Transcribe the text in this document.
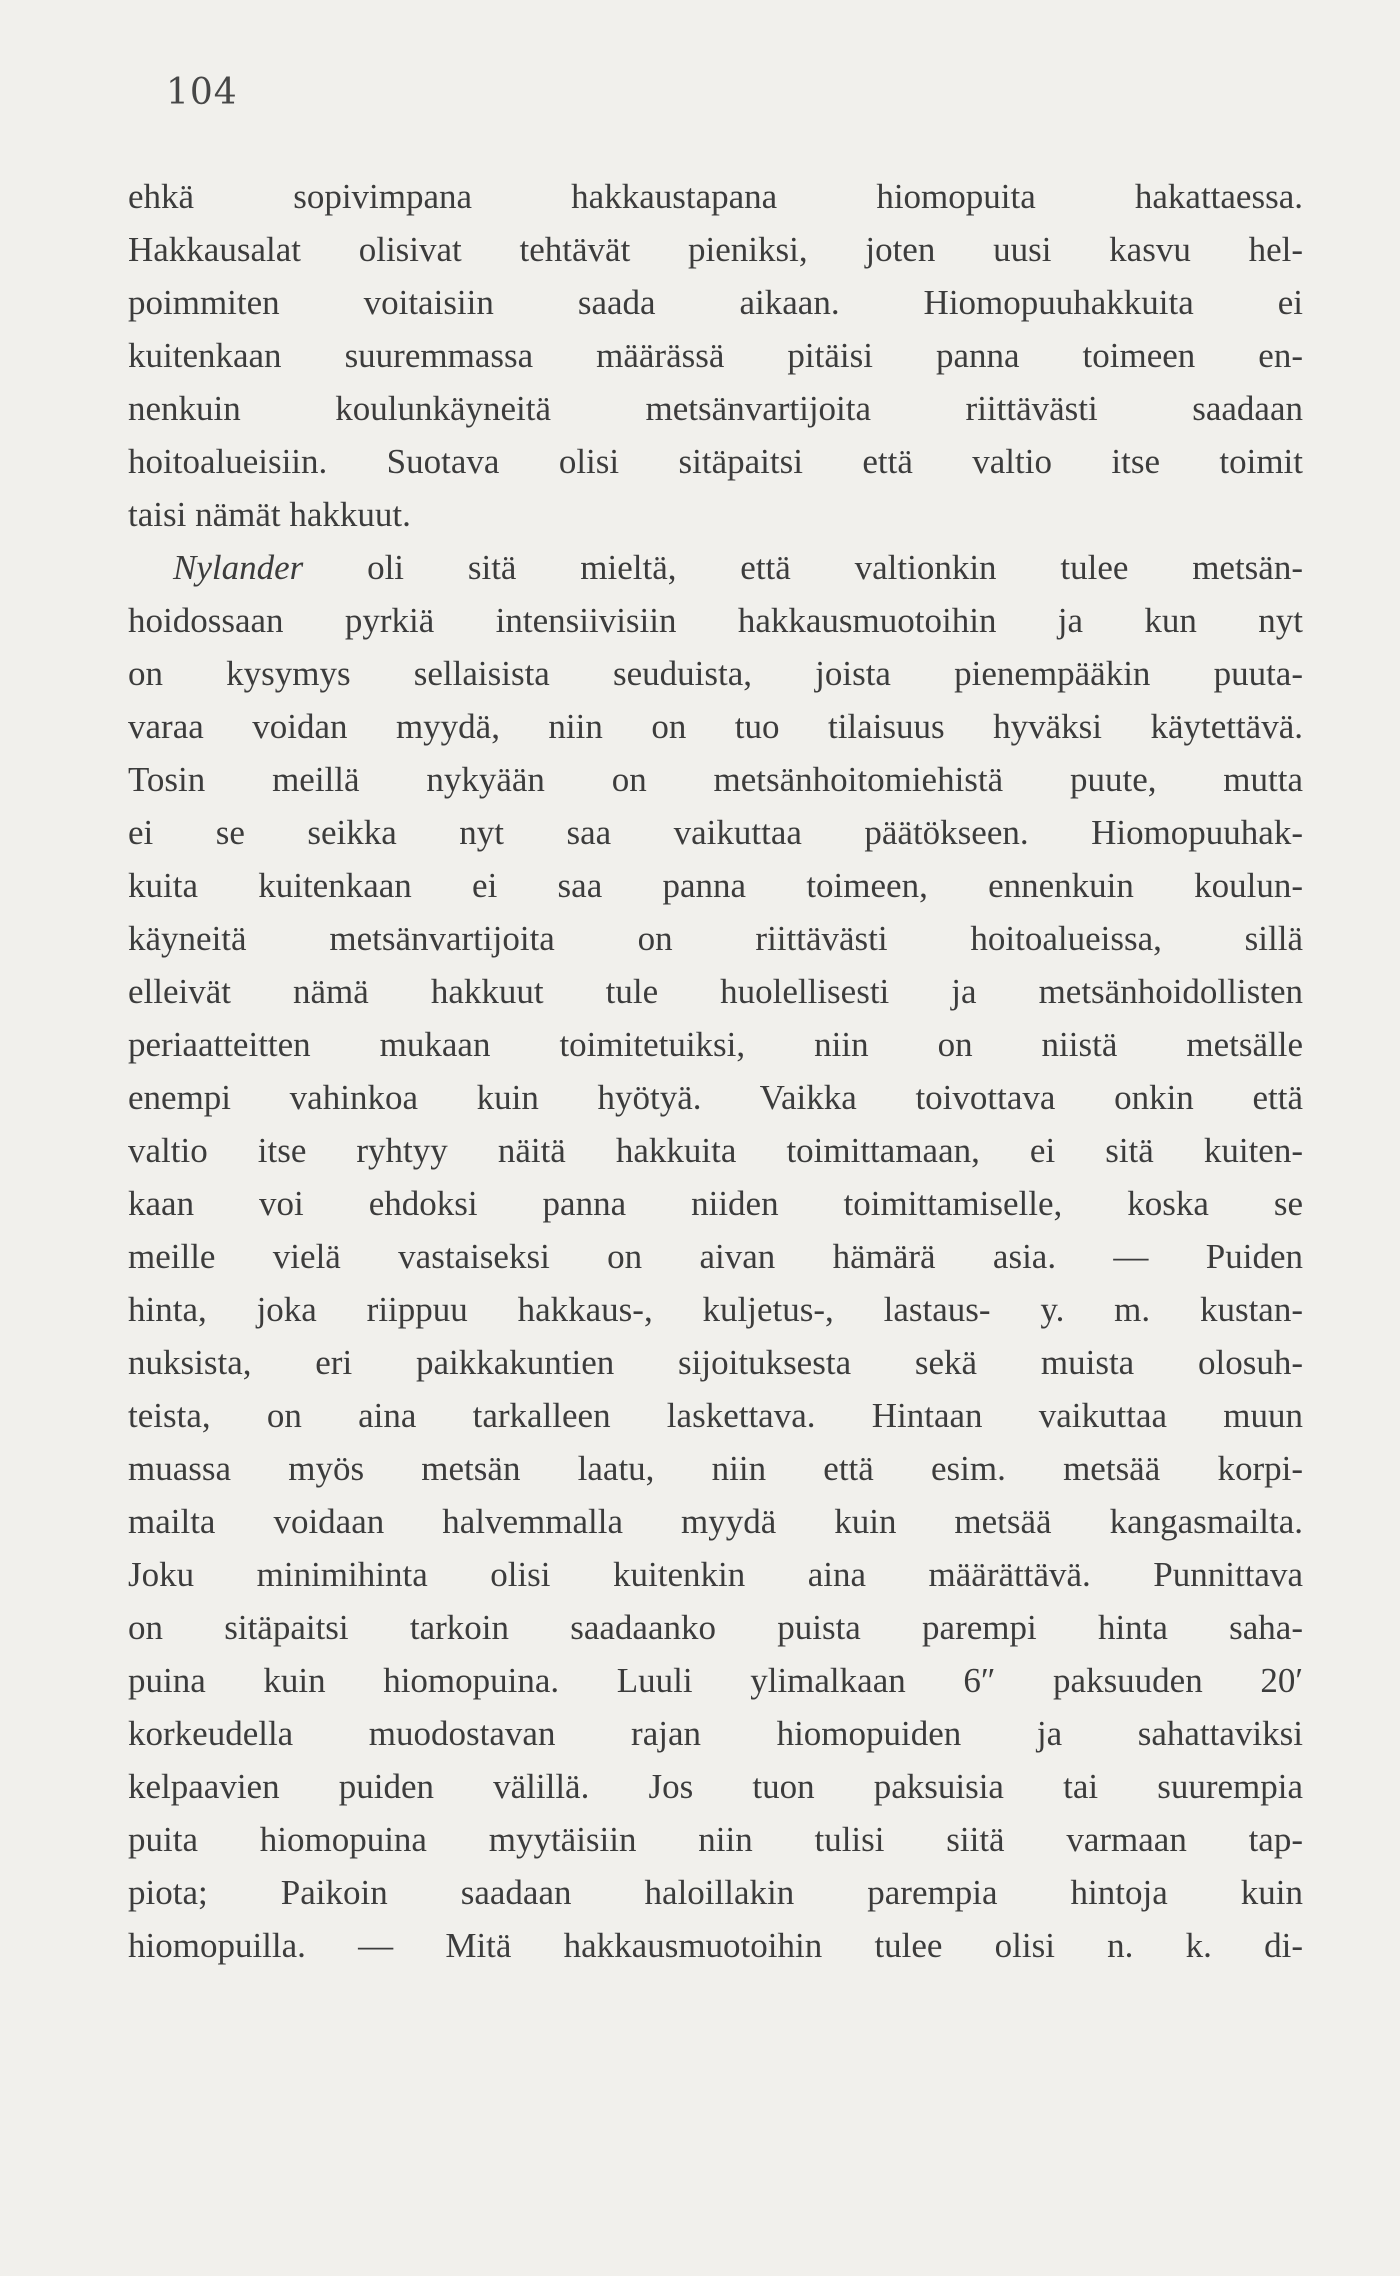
104
ehkä sopivimpana hakkaustapana hiomopuita hakattaessa.
Hakkausalat olisivat tehtävät pieniksi, joten uusi kasvu hel-
poimmiten voitaisiin saada aikaan. Hiomopuuhakkuita ei
kuitenkaan suuremmassa määrässä pitäisi panna toimeen en-
nenkuin koulunkäyneitä metsänvartijoita riittävästi saadaan
hoitoalueisiin. Suotava olisi sitäpaitsi että valtio itse toimit
taisi nämät hakkuut.
Nylander oli sitä mieltä, että valtionkin tulee metsän-
hoidossaan pyrkiä intensiivisiin hakkausmuotoihin ja kun nyt
on kysymys sellaisista seuduista, joista pienempääkin puuta-
varaa voidan myydä, niin on tuo tilaisuus hyväksi käytettävä.
Tosin meillä nykyään on metsänhoitomiehistä puute, mutta
ei se seikka nyt saa vaikuttaa päätökseen. Hiomopuuhak-
kuita kuitenkaan ei saa panna toimeen, ennenkuin koulun-
käyneitä metsänvartijoita on riittävästi hoitoalueissa, sillä
elleivät nämä hakkuut tule huolellisesti ja metsänhoidollisten
periaatteitten mukaan toimitetuiksi, niin on niistä metsälle
enempi vahinkoa kuin hyötyä. Vaikka toivottava onkin että
valtio itse ryhtyy näitä hakkuita toimittamaan, ei sitä kuiten-
kaan voi ehdoksi panna niiden toimittamiselle, koska se
meille vielä vastaiseksi on aivan hämärä asia. — Puiden
hinta, joka riippuu hakkaus-, kuljetus-, lastaus- y. m. kustan-
nuksista, eri paikkakuntien sijoituksesta sekä muista olosuh-
teista, on aina tarkalleen laskettava. Hintaan vaikuttaa muun
muassa myös metsän laatu, niin että esim. metsää korpi-
mailta voidaan halvemmalla myydä kuin metsää kangasmailta.
Joku minimihinta olisi kuitenkin aina määrättävä. Punnittava
on sitäpaitsi tarkoin saadaanko puista parempi hinta saha-
puina kuin hiomopuina. Luuli ylimalkaan 6″ paksuuden 20′
korkeudella muodostavan rajan hiomopuiden ja sahattaviksi
kelpaavien puiden välillä. Jos tuon paksuisia tai suurempia
puita hiomopuina myytäisiin niin tulisi siitä varmaan tap-
piota; Paikoin saadaan haloillakin parempia hintoja kuin
hiomopuilla. — Mitä hakkausmuotoihin tulee olisi n. k. di-
